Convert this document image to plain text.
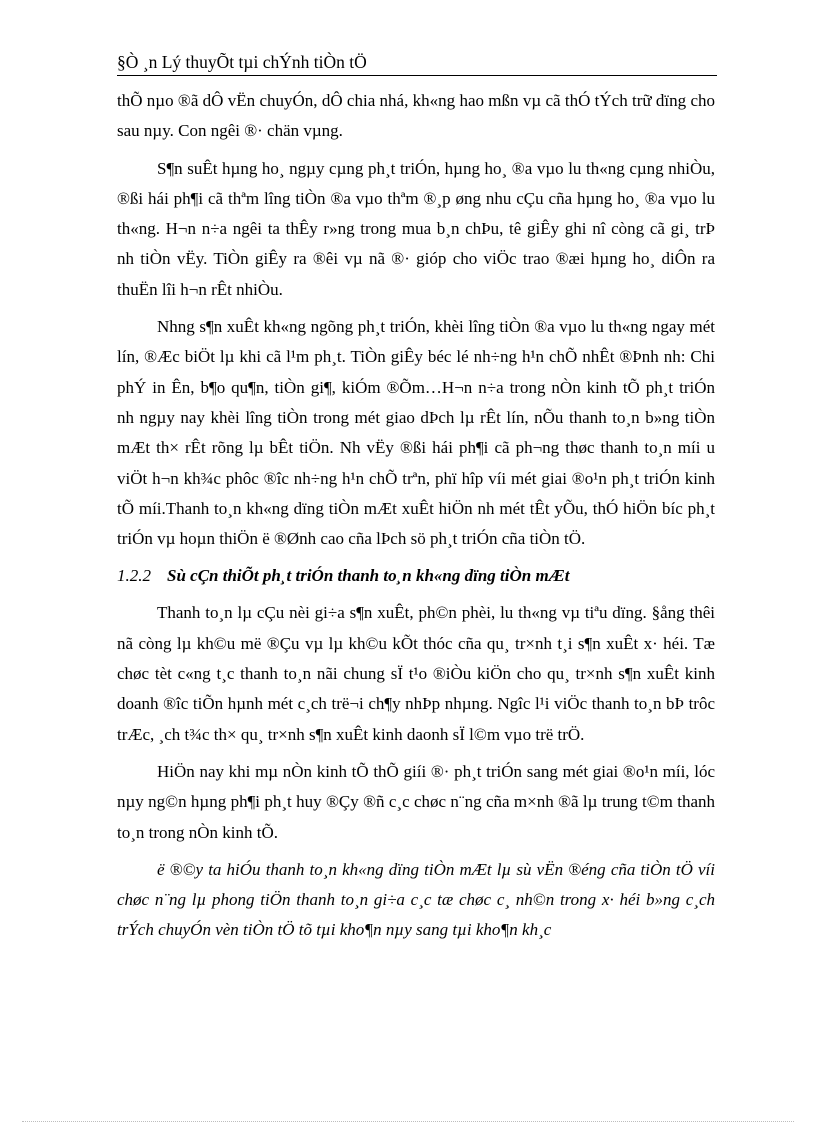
§Ò ¸n Lý thuyÕt tµi chÝnh tiÒn tÖ

thÕ nµo ®ã dÔ vËn chuyÓn, dÔ chia nhá, kh«ng hao mßn vµ cã thÓ tÝch trữ dïng cho sau nµy. Con ngêi ®· chän vµng.

S¶n suÊt hµng ho¸ ngµy cµng ph¸t triÓn, hµng ho¸ ®a vµo lu th«ng cµng nhiÒu, ®ßi hái ph¶i cã thªm lîng tiÒn ®a vµo thªm ®¸p øng nhu cÇu cña hµng ho¸ ®a vµo lu th«ng. H¬n n÷a ngêi ta thÊy r»ng trong mua b¸n chÞu, tê giÊy ghi nî còng cã gi¸ trÞ nh tiÒn vËy. TiÒn giÊy ra ®êi vµ nã ®· gióp cho viÖc trao ®æi hµng ho¸ diÔn ra thuËn lîi h¬n rÊt nhiÒu.

Nhng s¶n xuÊt kh«ng ngõng ph¸t triÓn, khèi lîng tiÒn ®a vµo lu th«ng ngay mét lín, ®Æc biÖt lµ khi cã l¹m ph¸t. TiÒn giÊy béc lé nh÷ng h¹n chÕ nhÊt ®Þnh nh: Chi phÝ in Ên, b¶o qu¶n, tiÒn gi¶, kiÓm ®Õm…H¬n n÷a trong nÒn kinh tÕ ph¸t triÓn nh ngµy nay khèi lîng tiÒn trong mét giao dÞch lµ rÊt lín, nÕu thanh to¸n b»ng tiÒn mÆt th× rÊt rõng lµ bÊt tiÖn. Nh vËy ®ßi hái ph¶i cã ph¬ng thøc thanh to¸n míi u viÖt h¬n kh¾c phôc ®îc nh÷ng h¹n chÕ trªn, phï hîp víi mét giai ®o¹n ph¸t triÓn kinh tÕ míi.Thanh to¸n kh«ng dïng tiÒn mÆt xuÊt hiÖn nh mét tÊt yÕu, thÓ hiÖn bíc ph¸t triÓn vµ hoµn thiÖn ë ®Ønh cao cña lÞch sö ph¸t triÓn cña tiÒn tÖ.

1.2.2 Sù cÇn thiÕt ph¸t triÓn thanh to¸n kh«ng dïng tiÒn mÆt

Thanh to¸n lµ cÇu nèi gi÷a s¶n xuÊt, ph©n phèi, lu th«ng vµ tiªu dïng. §ång thêi nã còng lµ kh©u më ®Çu vµ lµ kh©u kÕt thóc cña qu¸ tr×nh t¸i s¶n xuÊt x· héi. Tæ chøc tèt c«ng t¸c thanh to¸n nãi chung sÏ t¹o ®iÒu kiÖn cho qu¸ tr×nh s¶n xuÊt kinh doanh ®îc tiÕn hµnh mét c¸ch trë¬i ch¶y nhÞp nhµng. Ngîc l¹i viÖc thanh to¸n bÞ trôc trÆc, ¸ch t¾c th× qu¸ tr×nh s¶n xuÊt kinh daonh sÏ l©m vµo trë trÖ.

HiÖn nay khi mµ nÒn kinh tÕ thÕ giíi ®· ph¸t triÓn sang mét giai ®o¹n míi, lóc nµy ng©n hµng ph¶i ph¸t huy ®Çy ®ñ c¸c chøc n¨ng cña m×nh ®ã lµ trung t©m thanh to¸n trong nÒn kinh tÕ.

ë ®©y ta hiÓu thanh to¸n kh«ng dïng tiÒn mÆt lµ sù vËn ®éng cña tiÒn tÖ víi chøc n¨ng lµ phong tiÖn thanh to¸n gi÷a c¸c tæ chøc c¸ nh©n trong x· héi b»ng c¸ch trÝch chuyÓn vèn tiÒn tÖ tõ tµi kho¶n nµy sang tµi kho¶n kh¸c
